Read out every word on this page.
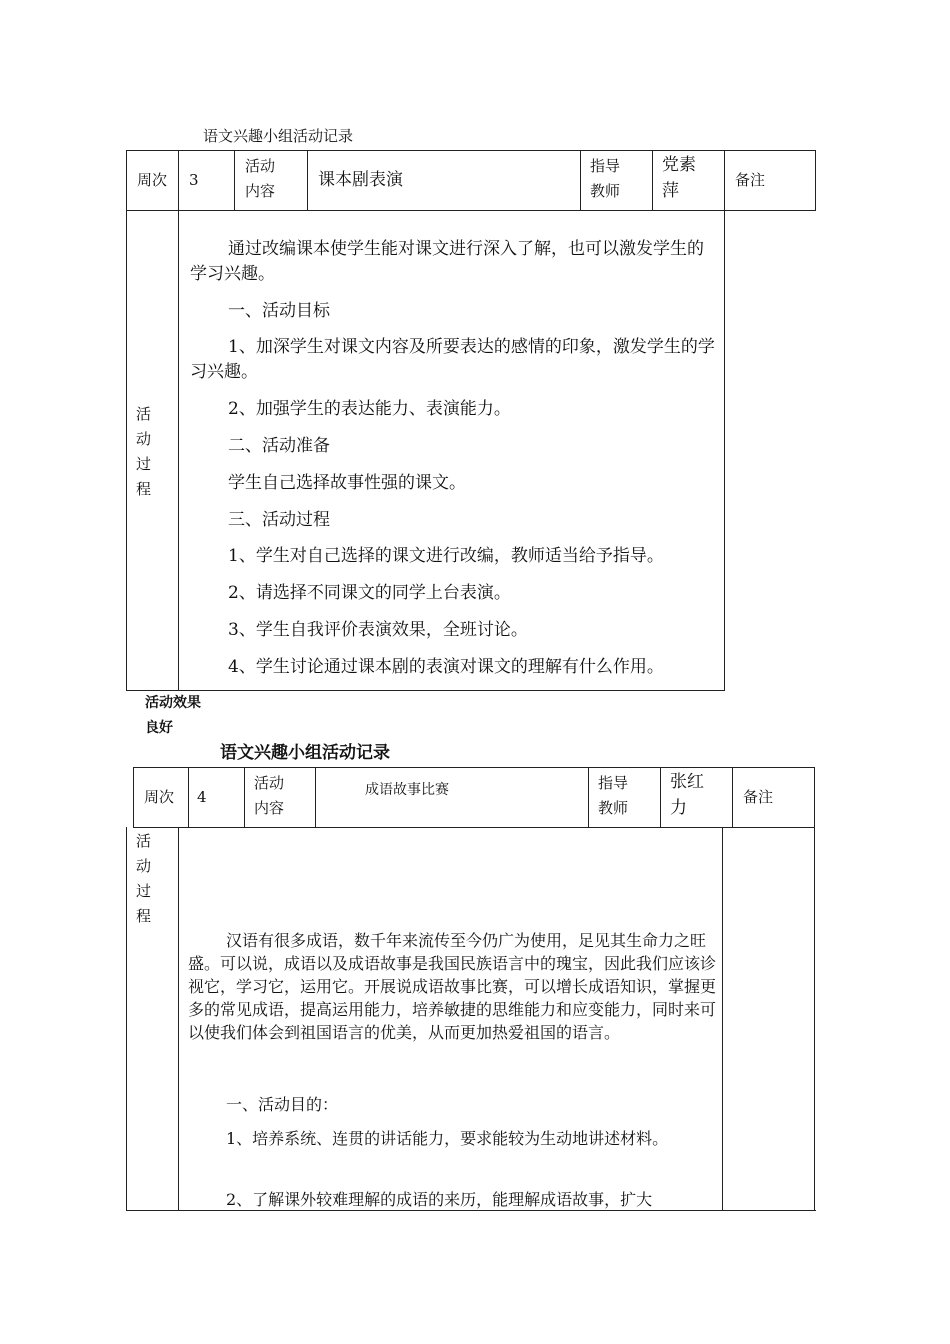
语文兴趣小组活动记录
周次 3
活动
内容
课本剧表演
指导
教师
党素
萍
备注
活
动
过
程
通过改编课本使学生能对课文进行深入了解，也可以激发学生的学习兴趣。
一、活动目标
1、加深学生对课文内容及所要表达的感情的印象，激发学生的学习兴趣。
2、加强学生的表达能力、表演能力。
二、活动准备
学生自己选择故事性强的课文。
三、活动过程
1、学生对自己选择的课文进行改编，教师适当给予指导。
2、请选择不同课文的同学上台表演。
3、学生自我评价表演效果，全班讨论。
4、学生讨论通过课本剧的表演对课文的理解有什么作用。
活动效果
良好
语文兴趣小组活动记录
周次 4
活动
内容
成语故事比赛	指导
教师
张红
力
备注
活
动
过
程
汉语有很多成语，数千年来流传至今仍广为使用，足见其生命力之旺盛。可以说，成语以及成语故事是我国民族语言中的瑰宝，因此我们应该诊视它，学习它，运用它。开展说成语故事比赛，可以增长成语知识，掌握更多的常见成语，提高运用能力，培养敏捷的思维能力和应变能力，同时来可以使我们体会到祖国语言的优美，从而更加热爱祖国的语言。
一、活动目的：
1、培养系统、连贯的讲话能力，要求能较为生动地讲述材料。
2、了解课外较难理解的成语的来历，能理解成语故事，扩大
